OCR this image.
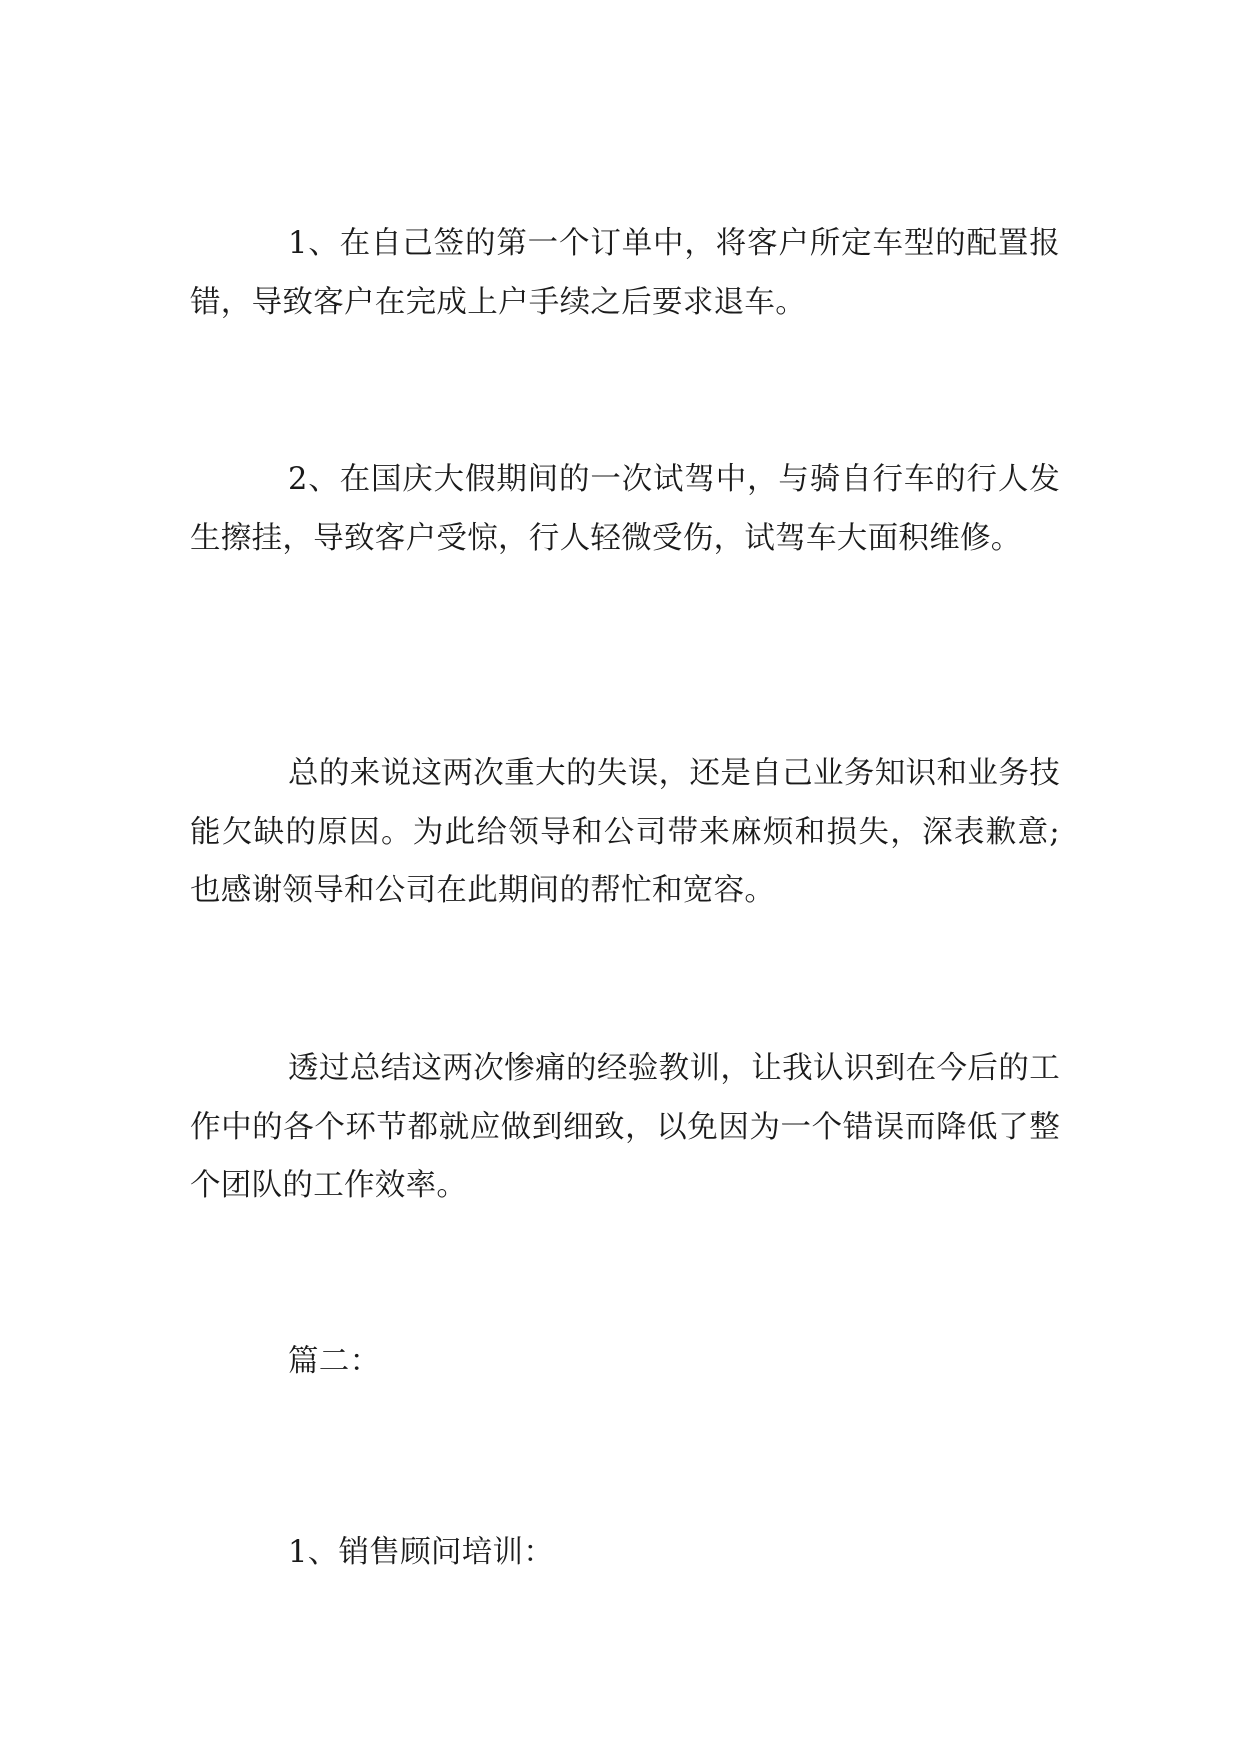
1、在自己签的第一个订单中，将客户所定车型的配置报错，导致客户在完成上户手续之后要求退车。

2、在国庆大假期间的一次试驾中，与骑自行车的行人发生擦挂，导致客户受惊，行人轻微受伤，试驾车大面积维修。

总的来说这两次重大的失误，还是自己业务知识和业务技能欠缺的原因。为此给领导和公司带来麻烦和损失，深表歉意;也感谢领导和公司在此期间的帮忙和宽容。

透过总结这两次惨痛的经验教训，让我认识到在今后的工作中的各个环节都就应做到细致，以免因为一个错误而降低了整个团队的工作效率。

篇二：

1、销售顾问培训：
